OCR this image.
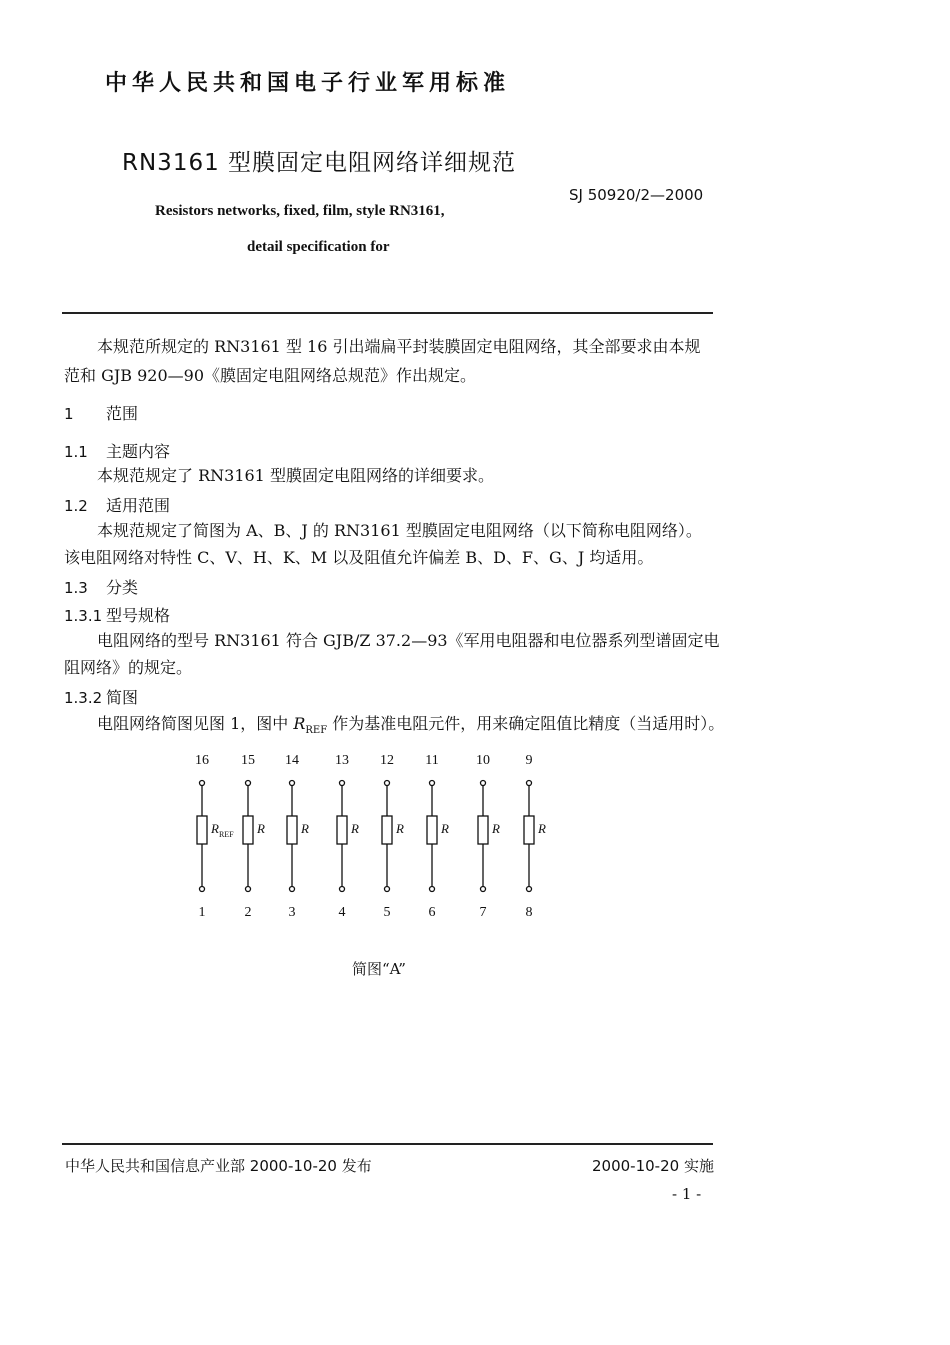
中华人民共和国电子行业军用标准
RN3161 型膜固定电阻网络详细规范
SJ 50920/2—2000
Resistors networks, fixed, film, style RN3161,
detail specification for
本规范所规定的 RN3161 型 16 引出端扁平封装膜固定电阻网络，其全部要求由本规
范和 GJB 920—90《膜固定电阻网络总规范》作出规定。
1 范围
1.1 主题内容
本规范规定了 RN3161 型膜固定电阻网络的详细要求。
1.2 适用范围
本规范规定了简图为 A、B、J 的 RN3161 型膜固定电阻网络（以下简称电阻网络）。
该电阻网络对特性 C、V、H、K、M 以及阻值允许偏差 B、D、F、G、J 均适用。
1.3 分类
1.3.1 型号规格
电阻网络的型号 RN3161 符合 GJB/Z 37.2—93《军用电阻器和电位器系列型谱固定电
阻网络》的规定。
1.3.2 简图
电阻网络简图见图 1，图中 $R_{REF}$ 作为基准电阻元件，用来确定阻值比精度（当适用时）。
16
1
$R_{REF}$
15
2
R
14
3
R
13
4
R
12
5
R
11
6
R
10
7
R
9
8
R
简图“A”
中华人民共和国信息产业部 2000-10-20 发布	2000-10-20 实施
- 1 -
